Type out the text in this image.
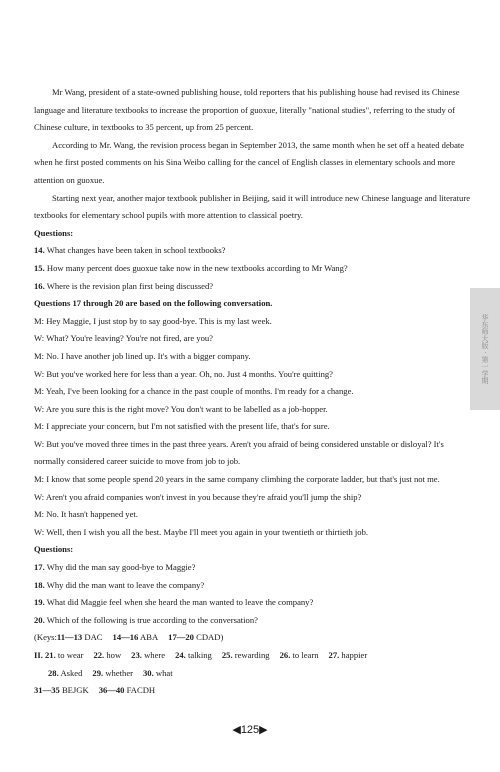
华东师大版 · 第一学期

Mr Wang, president of a state-owned publishing house, told reporters that his publishing house had revised its Chinese language and literature textbooks to increase the proportion of guoxue, literally "national studies", referring to the study of Chinese culture, in textbooks to 35 percent, up from 25 percent.

According to Mr. Wang, the revision process began in September 2013, the same month when he set off a heated debate when he first posted comments on his Sina Weibo calling for the cancel of English classes in elementary schools and more attention on guoxue.

Starting next year, another major textbook publisher in Beijing, said it will introduce new Chinese language and literature textbooks for elementary school pupils with more attention to classical poetry.

Questions:

14. What changes have been taken in school textbooks?

15. How many percent does guoxue take now in the new textbooks according to Mr Wang?

16. Where is the revision plan first being discussed?

Questions 17 through 20 are based on the following conversation.

M: Hey Maggie, I just stop by to say good-bye. This is my last week.

W: What? You're leaving? You're not fired, are you?

M: No. I have another job lined up. It's with a bigger company.

W: But you've worked here for less than a year. Oh, no. Just 4 months. You're quitting?

M: Yeah, I've been looking for a chance in the past couple of months. I'm ready for a change.

W: Are you sure this is the right move? You don't want to be labelled as a job-hopper.

M: I appreciate your concern, but I'm not satisfied with the present life, that's for sure.

W: But you've moved three times in the past three years. Aren't you afraid of being considered unstable or disloyal? It's normally considered career suicide to move from job to job.

M: I know that some people spend 20 years in the same company climbing the corporate ladder, but that's just not me.

W: Aren't you afraid companies won't invest in you because they're afraid you'll jump the ship?

M: No. It hasn't happened yet.

W: Well, then I wish you all the best. Maybe I'll meet you again in your twentieth or thirtieth job.

Questions:

17. Why did the man say good-bye to Maggie?

18. Why did the man want to leave the company?

19. What did Maggie feel when she heard the man wanted to leave the company?

20. Which of the following is true according to the conversation?

(Keys:11—13 DAC 14—16 ABA 17—20 CDAD)

II. 21. to wear 22. how 23. where 24. talking 25. rewarding 26. to learn 27. happier

28. Asked 29. whether 30. what

31—35 BEJGK 36—40 FACDH

◀125▶
